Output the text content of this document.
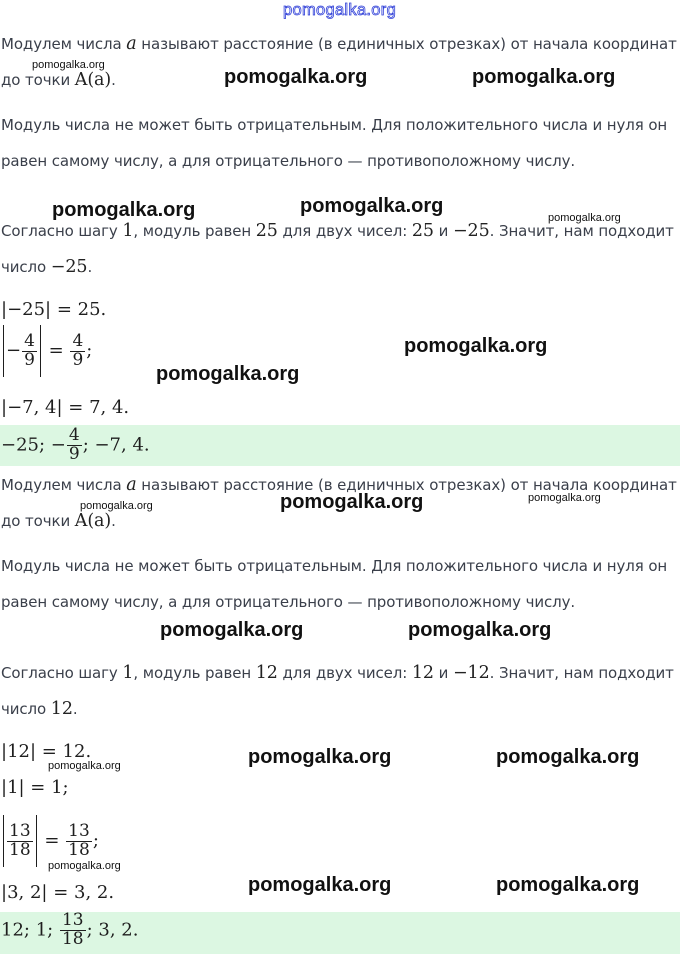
Модулем числа a называют расстояние (в единичных отрезках) от начала координат до точки A(a).

Модуль числа не может быть отрицательным. Для положительного числа и нуля он равен самому числу, а для отрицательного — противоположному числу.

Согласно шагу 1, модуль равен 25 для двух чисел: 25 и −25. Значит, нам подходит число −25.

|−25| = 25.
− $\frac{4}{9} = \frac{4}{9}$ ;
|−7, 4| = 7, 4.
−25; − $\frac{4}{9}$ ; −7, 4.

Модулем числа a называют расстояние (в единичных отрезках) от начала координат до точки A(a).

Модуль числа не может быть отрицательным. Для положительного числа и нуля он равен самому числу, а для отрицательного — противоположному числу.

Согласно шагу 1, модуль равен 12 для двух чисел: 12 и −12. Значит, нам подходит число 12.

|12| = 12.
|1| = 1;
$\frac{13}{18} = \frac{13}{18}$ ;
|3, 2| = 3, 2.
12; 1; $\frac{13}{18}$ ; 3, 2.
pomogalka.org
pomogalka.org
pomogalka.org	pomogalka.org
pomogalka.org	pomogalka.org
pomogalka.org
pomogalka.org
pomogalka.org
pomogalka.org	pomogalka.org
pomogalka.org
pomogalka.org	pomogalka.org
pomogalka.org	pomogalka.org
pomogalka.org
pomogalka.org
pomogalka.org	pomogalka.org
